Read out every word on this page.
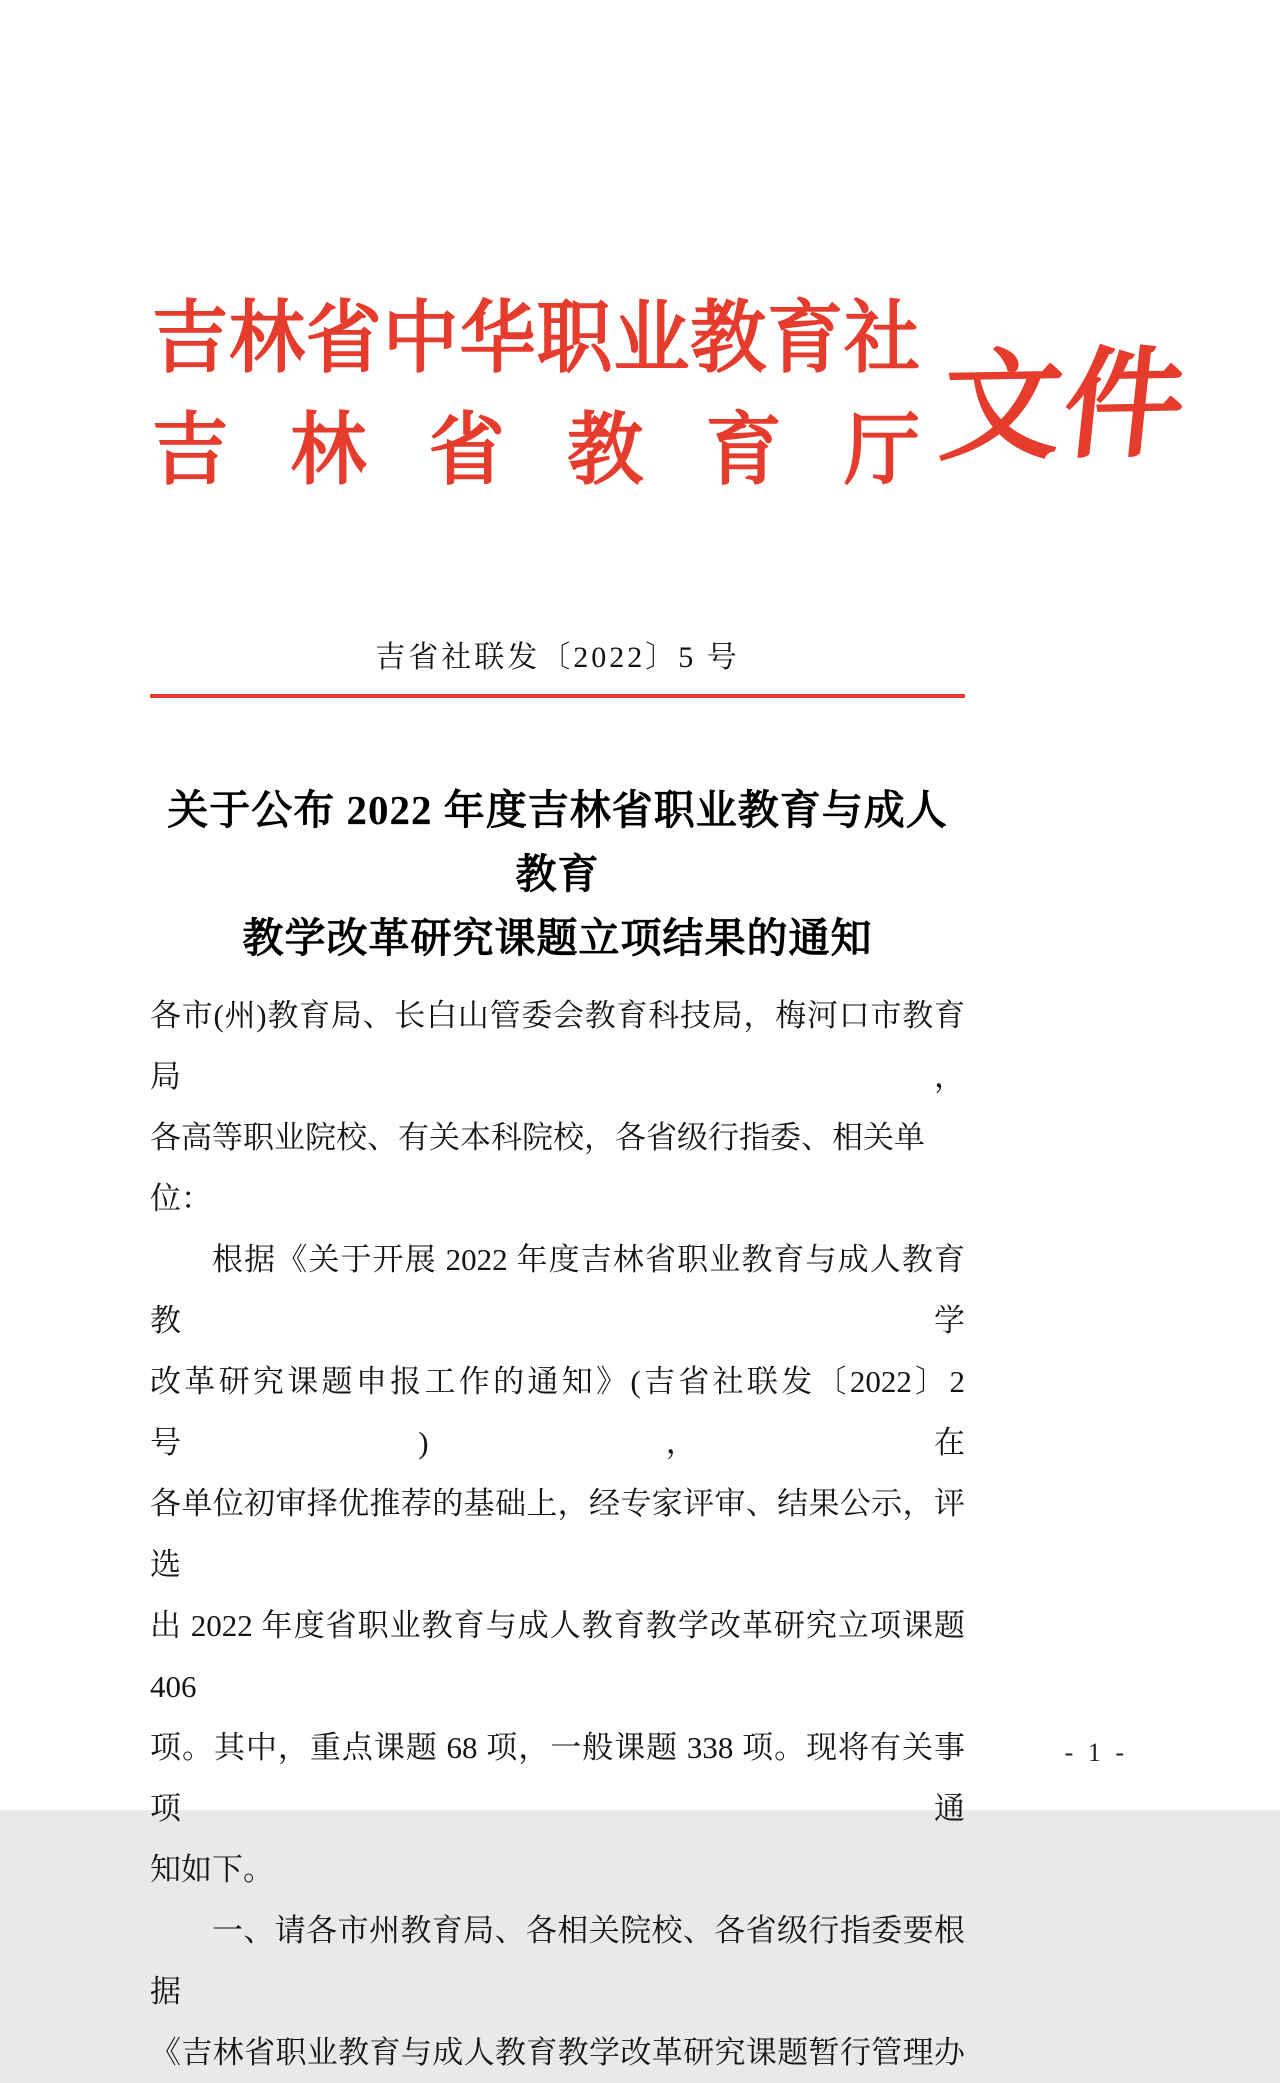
吉林省中华职业教育社
吉林省教育厅 文件
吉省社联发〔2022〕5 号
关于公布 2022 年度吉林省职业教育与成人教育
教学改革研究课题立项结果的通知
各市(州)教育局、长白山管委会教育科技局，梅河口市教育局，
各高等职业院校、有关本科院校，各省级行指委、相关单位：
根据《关于开展 2022 年度吉林省职业教育与成人教育教学
改革研究课题申报工作的通知》(吉省社联发〔2022〕2 号)，在
各单位初审择优推荐的基础上，经专家评审、结果公示，评选
出 2022 年度省职业教育与成人教育教学改革研究立项课题 406
项。其中，重点课题 68 项，一般课题 338 项。现将有关事项通
知如下。
一、请各市州教育局、各相关院校、各省级行指委要根据
《吉林省职业教育与成人教育教学改革研究课题暂行管理办
- 1 -
